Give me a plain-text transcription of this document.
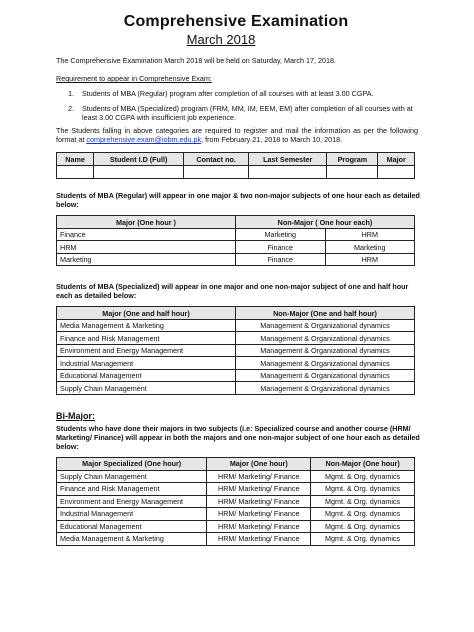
Comprehensive Examination
March 2018
The Comprehensive Examination March 2018 will be held on Saturday, March 17, 2018.
Requirement to appear in Comprehensive Exam:
1. Students of MBA (Regular) program after completion of all courses with at least 3.00 CGPA.
2. Students of MBA (Specialized) program (FRM, MM, IM, EEM, EM) after completion of all courses with at least 3.00 CGPA with insufficient job experience.
The Students falling in above categories are required to register and mail the information as per the following format at comprehensive.exam@iobm.edu.pk, from February 21, 2018 to March 10, 2018.
Name	Student I.D (Full)	Contact no.	Last Semester	Program	Major

Students of MBA (Regular) will appear in one major & two non-major subjects of one hour each as detailed below:
Major (One hour )	Non-Major ( One hour each)	
Finance	Marketing	HRM
HRM	Finance	Marketing
Marketing	Finance	HRM
Students of MBA (Specialized) will appear in one major and one non-major subject of one and half hour each as detailed below:
Major (One and half hour)	Non-Major (One and half hour)
Media Management & Marketing	Management & Organizational dynamics
Finance and Risk Management	Management & Organizational dynamics
Environment and Energy Management	Management & Organizational dynamics
Industrial Management	Management & Organizational dynamics
Educational Management	Management & Organizational dynamics
Supply Chain Management	Management & Organizational dynamics
Bi-Major:
Students who have done their majors in two subjects (i.e: Specialized course and another course (HRM/ Marketing/ Finance) will appear in both the majors and one non-major subject of one hour each as detailed below:
Major Specialized (One hour)	Major (One hour)	Non-Major (One hour)
Supply Chain Management	HRM/ Marketing/ Finance	Mgmt. & Org. dynamics
Finance and Risk Management	HRM/ Marketing/ Finance	Mgmt. & Org. dynamics
Environment and Energy Management	HRM/ Marketing/ Finance	Mgmt. & Org. dynamics
Industrial Management	HRM/ Marketing/ Finance	Mgmt. & Org. dynamics
Educational Management	HRM/ Marketing/ Finance	Mgmt. & Org. dynamics
Media Management & Marketing	HRM/ Marketing/ Finance	Mgmt. & Org. dynamics
